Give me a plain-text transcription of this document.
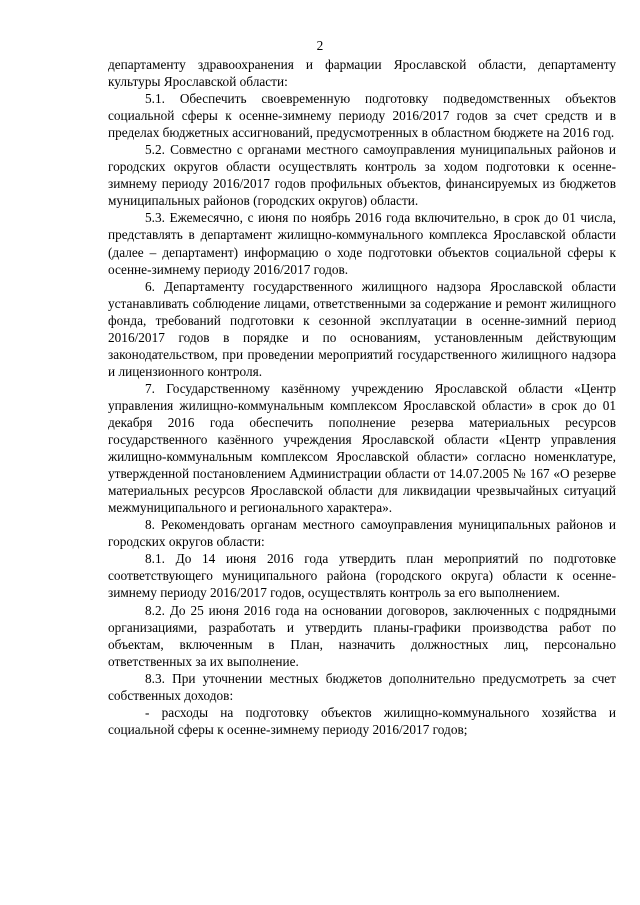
2

департаменту здравоохранения и фармации Ярославской области, департаменту культуры Ярославской области:

5.1. Обеспечить своевременную подготовку подведомственных объектов социальной сферы к осенне-зимнему периоду 2016/2017 годов за счет средств и в пределах бюджетных ассигнований, предусмотренных в областном бюджете на 2016 год.

5.2. Совместно с органами местного самоуправления муниципальных районов и городских округов области осуществлять контроль за ходом подготовки к осенне-зимнему периоду 2016/2017 годов профильных объектов, финансируемых из бюджетов муниципальных районов (городских округов) области.

5.3. Ежемесячно, с июня по ноябрь 2016 года включительно, в срок до 01 числа, представлять в департамент жилищно-коммунального комплекса Ярославской области (далее – департамент) информацию о ходе подготовки объектов социальной сферы к осенне-зимнему периоду 2016/2017 годов.

6. Департаменту государственного жилищного надзора Ярославской области устанавливать соблюдение лицами, ответственными за содержание и ремонт жилищного фонда, требований подготовки к сезонной эксплуатации в осенне-зимний период 2016/2017 годов в порядке и по основаниям, установленным действующим законодательством, при проведении мероприятий государственного жилищного надзора и лицензионного контроля.

7. Государственному казённому учреждению Ярославской области «Центр управления жилищно-коммунальным комплексом Ярославской области» в срок до 01 декабря 2016 года обеспечить пополнение резерва материальных ресурсов государственного казённого учреждения Ярославской области «Центр управления жилищно-коммунальным комплексом Ярославской области» согласно номенклатуре, утвержденной постановлением Администрации области от 14.07.2005 № 167 «О резерве материальных ресурсов Ярославской области для ликвидации чрезвычайных ситуаций межмуниципального и регионального характера».

8. Рекомендовать органам местного самоуправления муниципальных районов и городских округов области:

8.1. До 14 июня 2016 года утвердить план мероприятий по подготовке соответствующего муниципального района (городского округа) области к осенне-зимнему периоду 2016/2017 годов, осуществлять контроль за его выполнением.

8.2. До 25 июня 2016 года на основании договоров, заключенных с подрядными организациями, разработать и утвердить планы-графики производства работ по объектам, включенным в План, назначить должностных лиц, персонально ответственных за их выполнение.

8.3. При уточнении местных бюджетов дополнительно предусмотреть за счет собственных доходов:

- расходы на подготовку объектов жилищно-коммунального хозяйства и социальной сферы к осенне-зимнему периоду 2016/2017 годов;
